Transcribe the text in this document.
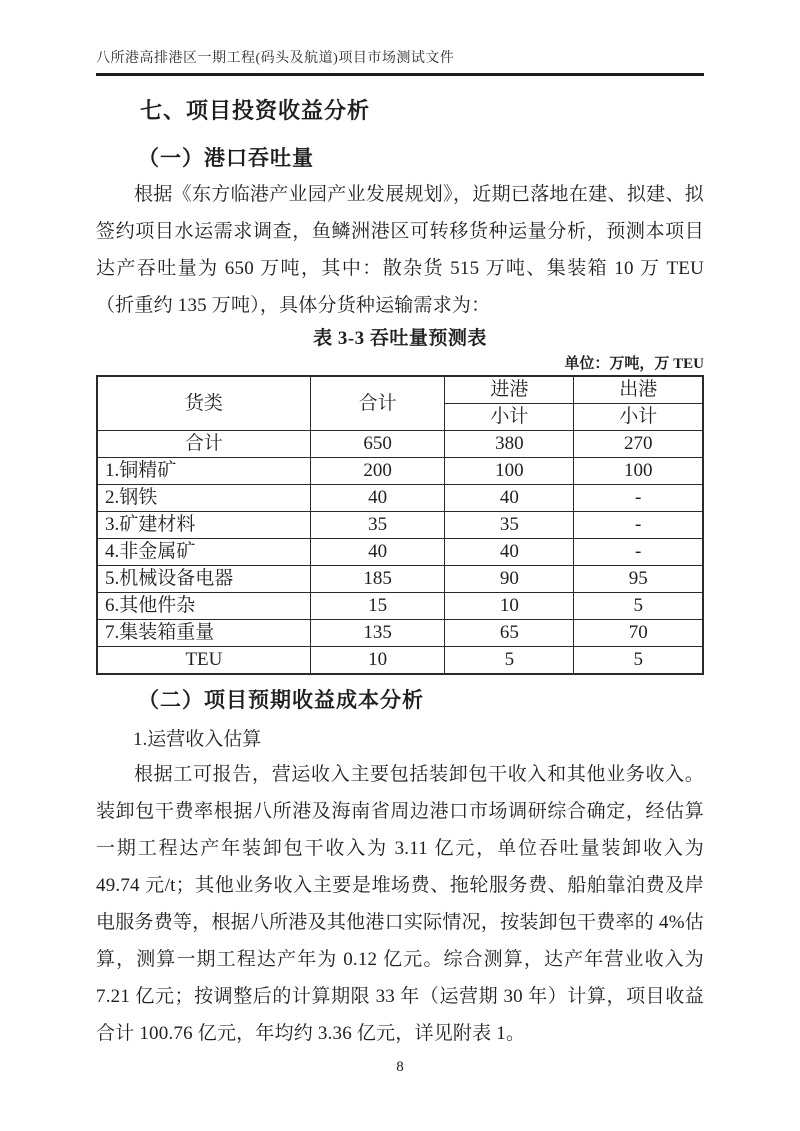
八所港高排港区一期工程(码头及航道)项目市场测试文件
七、项目投资收益分析
（一）港口吞吐量

根据《东方临港产业园产业发展规划》，近期已落地在建、拟建、拟签约项目水运需求调查，鱼鳞洲港区可转移货种运量分析，预测本项目达产吞吐量为 650 万吨，其中：散杂货 515 万吨、集装箱 10 万 TEU（折重约 135 万吨），具体分货种运输需求为：

表 3-3 吞吐量预测表
单位：万吨，万 TEU
货类	合计	进港	出港
		小计	小计
合计	650	380	270
1.铜精矿	200	100	100
2.钢铁	40	40	-
3.矿建材料	35	35	-
4.非金属矿	40	40	-
5.机械设备电器	185	90	95
6.其他件杂	15	10	5
7.集装箱重量	135	65	70
TEU	10	5	5
（二）项目预期收益成本分析
1.运营收入估算

根据工可报告，营运收入主要包括装卸包干收入和其他业务收入。装卸包干费率根据八所港及海南省周边港口市场调研综合确定，经估算一期工程达产年装卸包干收入为 3.11 亿元，单位吞吐量装卸收入为 49.74 元/t；其他业务收入主要是堆场费、拖轮服务费、船舶靠泊费及岸电服务费等，根据八所港及其他港口实际情况，按装卸包干费率的 4%估算，测算一期工程达产年为 0.12 亿元。综合测算，达产年营业收入为 7.21 亿元；按调整后的计算期限 33 年（运营期 30 年）计算，项目收益合计 100.76 亿元，年均约 3.36 亿元，详见附表 1。

8
